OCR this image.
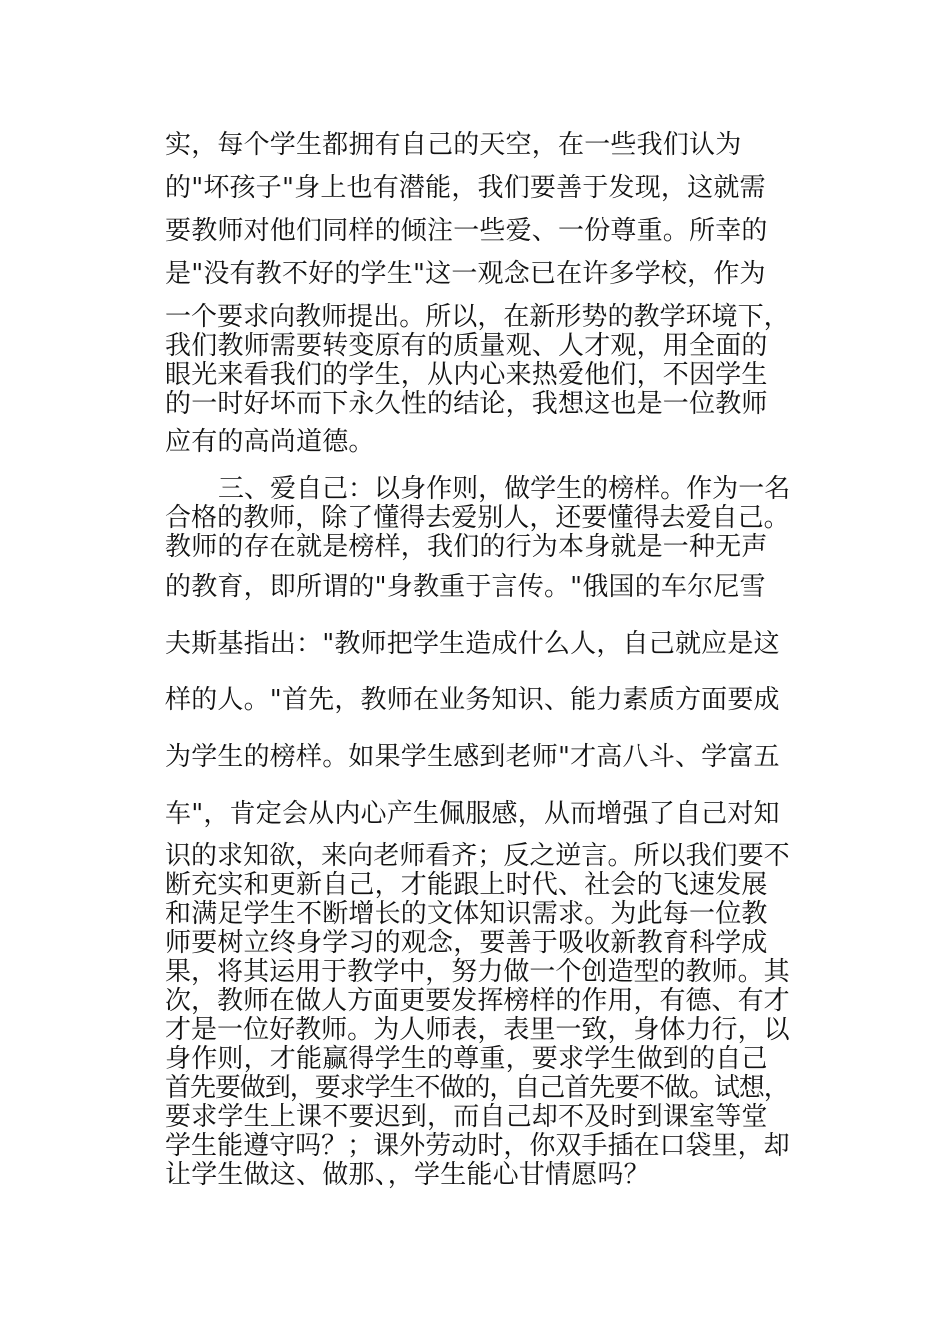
实，每个学生都拥有自己的天空，在一些我们认为
的"坏孩子"身上也有潜能，我们要善于发现，这就需
要教师对他们同样的倾注一些爱、一份尊重。所幸的
是"没有教不好的学生"这一观念已在许多学校，作为
一个要求向教师提出。所以，在新形势的教学环境下，
我们教师需要转变原有的质量观、人才观，用全面的
眼光来看我们的学生，从内心来热爱他们，不因学生
的一时好坏而下永久性的结论，我想这也是一位教师
应有的高尚道德。
三、爱自己：以身作则，做学生的榜样。作为一名
合格的教师，除了懂得去爱别人，还要懂得去爱自己。
教师的存在就是榜样，我们的行为本身就是一种无声
的教育，即所谓的"身教重于言传。"俄国的车尔尼雪
夫斯基指出："教师把学生造成什么人，自己就应是这
样的人。"首先，教师在业务知识、能力素质方面要成
为学生的榜样。如果学生感到老师"才高八斗、学富五
车"，肯定会从内心产生佩服感，从而增强了自己对知
识的求知欲，来向老师看齐；反之逆言。所以我们要不
断充实和更新自己，才能跟上时代、社会的飞速发展
和满足学生不断增长的文体知识需求。为此每一位教
师要树立终身学习的观念，要善于吸收新教育科学成
果，将其运用于教学中，努力做一个创造型的教师。其
次，教师在做人方面更要发挥榜样的作用，有德、有才
才是一位好教师。为人师表，表里一致，身体力行，以
身作则，才能赢得学生的尊重，要求学生做到的自己
首先要做到，要求学生不做的，自己首先要不做。试想，
要求学生上课不要迟到，而自己却不及时到课室等堂
学生能遵守吗？；课外劳动时，你双手插在口袋里，却
让学生做这、做那、，学生能心甘情愿吗？
